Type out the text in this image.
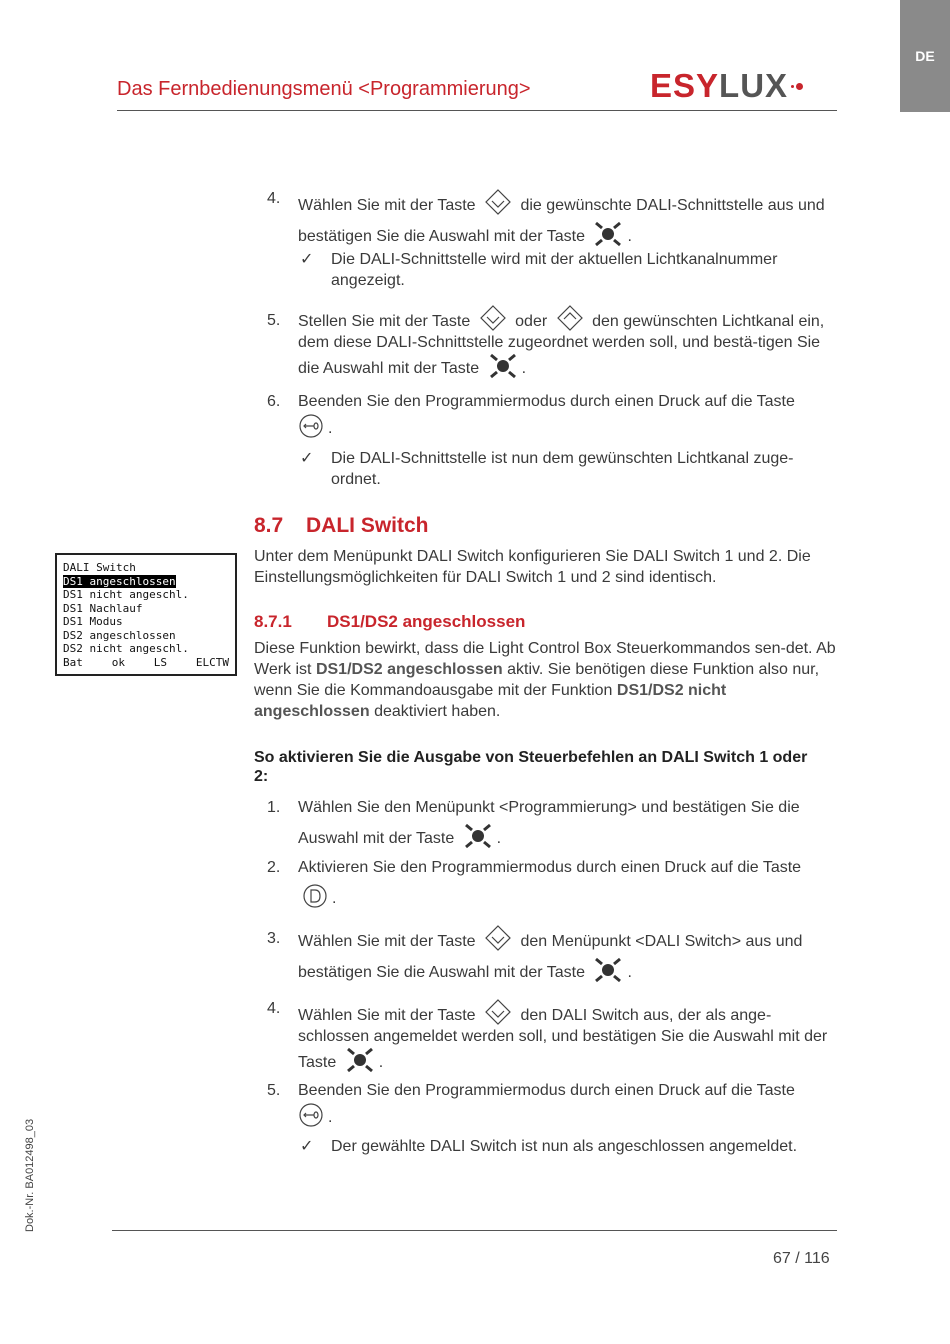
DE
Das Fernbedienungsmenü <Programmierung>	ESY LUX
4. Wählen Sie mit der Taste	die gewünschte DALI-Schnittstelle aus und bestätigen Sie die Auswahl mit der Taste	.
✓ Die DALI-Schnittstelle wird mit der aktuellen Lichtkanalnummer angezeigt.
5. Stellen Sie mit der Taste	oder	den gewünschten Lichtkanal ein, dem diese DALI-Schnittstelle zugeordnet werden soll, und bestä-tigen Sie die Auswahl mit der Taste	.
6. Beenden Sie den Programmiermodus durch einen Druck auf die Taste

.
✓ Die DALI-Schnittstelle ist nun dem gewünschten Lichtkanal zuge-ordnet.
8.7 DALI Switch
Unter dem Menüpunkt DALI Switch konfigurieren Sie DALI Switch 1 und 2. Die Einstellungsmöglichkeiten für DALI Switch 1 und 2 sind identisch.
DALI Switch
DS1 angeschlossen
DS1 nicht angeschl.
DS1 Nachlauf
DS1 Modus
DS2 angeschlossen
DS2 nicht angeschl.
Bat	ok	LS	ELCTW
8.7.1 DS1/DS2 angeschlossen
Diese Funktion bewirkt, dass die Light Control Box Steuerkommandos sen-det. Ab Werk ist DS1/DS2 angeschlossen aktiv. Sie benötigen diese Funktion also nur, wenn Sie die Kommandoausgabe mit der Funktion DS1/DS2 nicht angeschlossen deaktiviert haben.
So aktivieren Sie die Ausgabe von Steuerbefehlen an DALI Switch 1 oder 2:
1. Wählen Sie den Menüpunkt <Programmierung> und bestätigen Sie die Auswahl mit der Taste	.
2. Aktivieren Sie den Programmiermodus durch einen Druck auf die Taste
.
3. Wählen Sie mit der Taste	den Menüpunkt <DALI Switch> aus und bestätigen Sie die Auswahl mit der Taste	.
4. Wählen Sie mit der Taste	den DALI Switch aus, der als ange-schlossen angemeldet werden soll, und bestätigen Sie die Auswahl mit der Taste	.
5. Beenden Sie den Programmiermodus durch einen Druck auf die Taste

.
✓ Der gewählte DALI Switch ist nun als angeschlossen angemeldet.
Dok.-Nr. BA012498_03
67 / 116
